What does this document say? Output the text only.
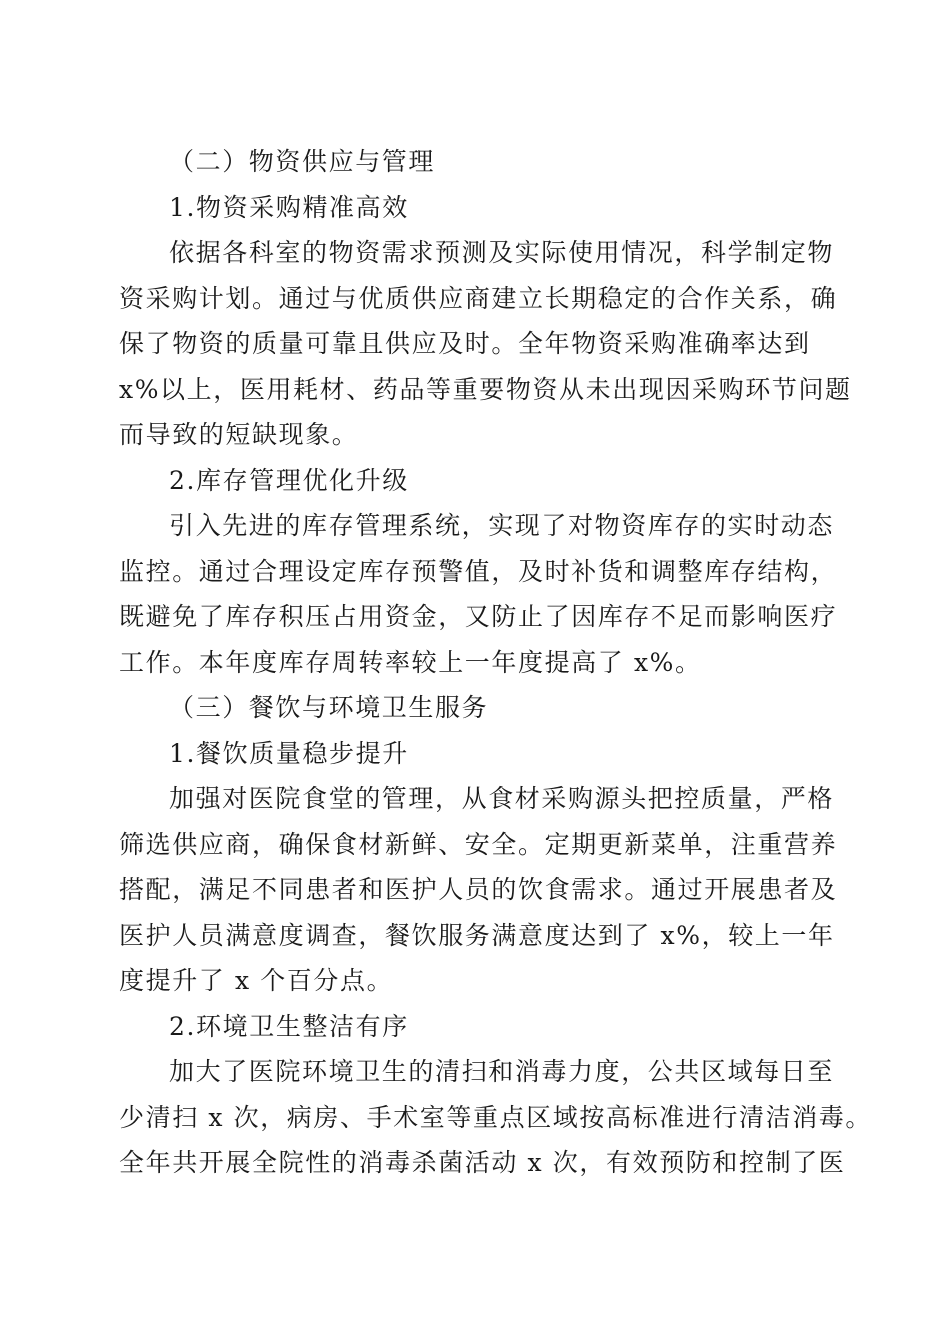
（二）物资供应与管理
1.物资采购精准高效

依据各科室的物资需求预测及实际使用情况，科学制定物

资采购计划。通过与优质供应商建立长期稳定的合作关系，确

保了物资的质量可靠且供应及时。全年物资采购准确率达到

x%以上，医用耗材、药品等重要物资从未出现因采购环节问题

而导致的短缺现象。

2.库存管理优化升级

引入先进的库存管理系统，实现了对物资库存的实时动态

监控。通过合理设定库存预警值，及时补货和调整库存结构，

既避免了库存积压占用资金，又防止了因库存不足而影响医疗

工作。本年度库存周转率较上一年度提高了 x%。

（三）餐饮与环境卫生服务
1.餐饮质量稳步提升

加强对医院食堂的管理，从食材采购源头把控质量，严格

筛选供应商，确保食材新鲜、安全。定期更新菜单，注重营养

搭配，满足不同患者和医护人员的饮食需求。通过开展患者及

医护人员满意度调查，餐饮服务满意度达到了 x%，较上一年

度提升了 x 个百分点。

2.环境卫生整洁有序

加大了医院环境卫生的清扫和消毒力度，公共区域每日至

少清扫 x 次，病房、手术室等重点区域按高标准进行清洁消毒。

全年共开展全院性的消毒杀菌活动 x 次，有效预防和控制了医
